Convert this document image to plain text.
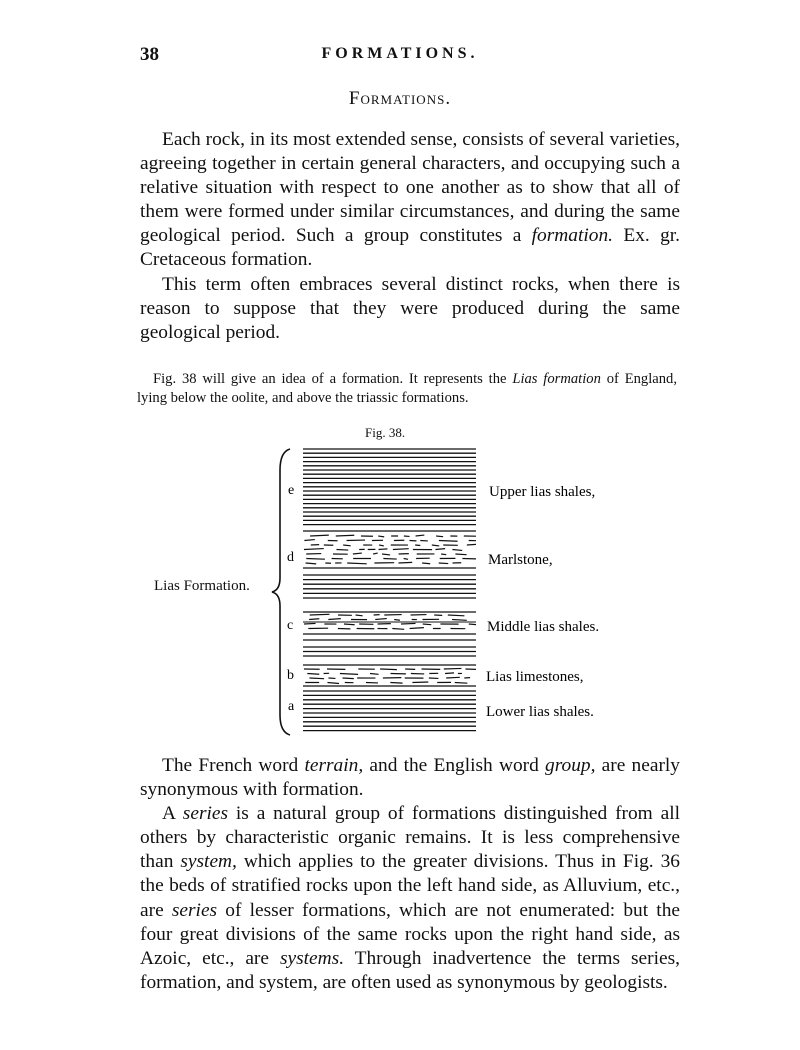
38	FORMATIONS.
Formations.

Each rock, in its most extended sense, consists of several varieties, agreeing together in certain general characters, and occupying such a relative situation with respect to one another as to show that all of them were formed under similar circumstances, and during the same geological period. Such a group constitutes a formation. Ex. gr. Cretaceous formation.

This term often embraces several distinct rocks, when there is reason to suppose that they were produced during the same geological period.

Fig. 38 will give an idea of a formation. It represents the Lias formation of England, lying below the oolite, and above the triassic formations.

Fig. 38.
e
d
c
b
a
Upper lias shales,
Marlstone,
Middle lias shales.
Lias limestones,
Lower lias shales.
Lias Formation.

The French word terrain, and the English word group, are nearly synonymous with formation.

A series is a natural group of formations distinguished from all others by characteristic organic remains. It is less comprehensive than system, which applies to the greater divisions. Thus in Fig. 36 the beds of stratified rocks upon the left hand side, as Alluvium, etc., are series of lesser formations, which are not enumerated: but the four great divisions of the same rocks upon the right hand side, as Azoic, etc., are systems. Through inadvertence the terms series, formation, and system, are often used as synonymous by geologists.
